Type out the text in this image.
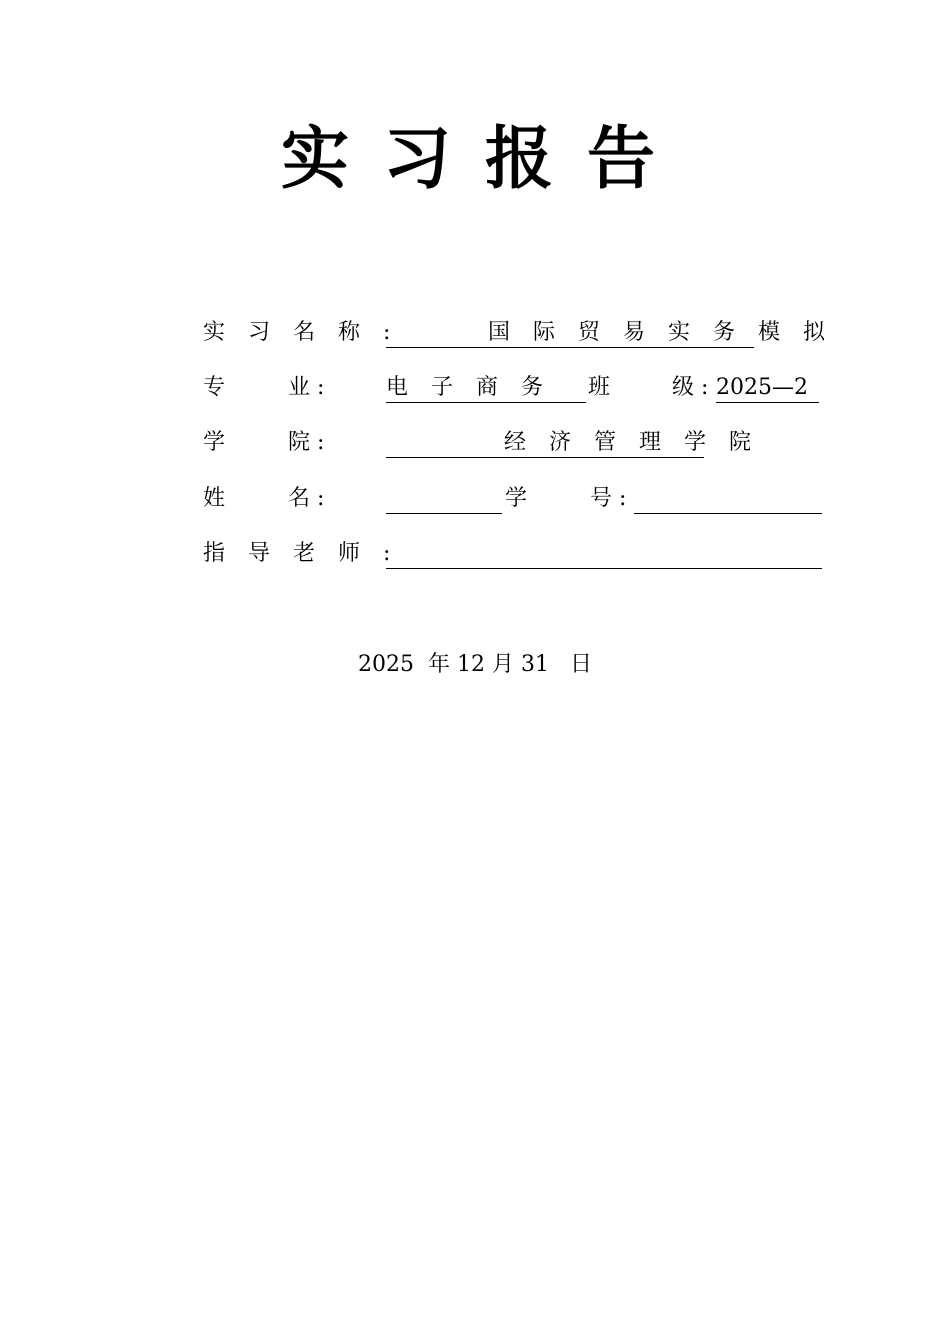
实习报告
实 习 名 称 :	国 际 贸 易 实 务 模 拟
专	业 :	电 子 商 务 班	级 : 2025—2
学	院 :	经 济 管 理 学 院
姓	名 :	学	号 :
指 导 老 师 :
2025  年 12 月 31   日
